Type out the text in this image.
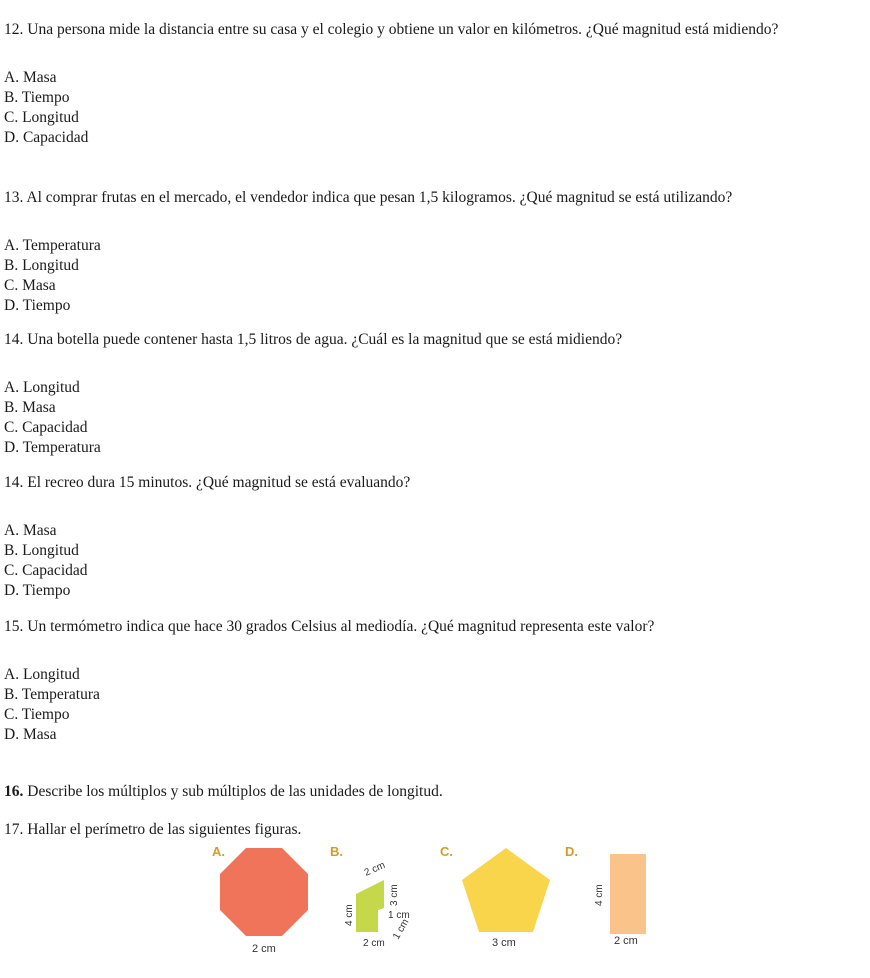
12. Una persona mide la distancia entre su casa y el colegio y obtiene un valor en kilómetros. ¿Qué magnitud está midiendo?
A. Masa
B. Tiempo
C. Longitud
D. Capacidad
13. Al comprar frutas en el mercado, el vendedor indica que pesan 1,5 kilogramos. ¿Qué magnitud se está utilizando?
A. Temperatura
B. Longitud
C. Masa
D. Tiempo
14. Una botella puede contener hasta 1,5 litros de agua. ¿Cuál es la magnitud que se está midiendo?
A. Longitud
B. Masa
C. Capacidad
D. Temperatura
14. El recreo dura 15 minutos. ¿Qué magnitud se está evaluando?
A. Masa
B. Longitud
C. Capacidad
D. Tiempo
15. Un termómetro indica que hace 30 grados Celsius al mediodía. ¿Qué magnitud representa este valor?
A. Longitud
B. Temperatura
C. Tiempo
D. Masa
16. Describe los múltiplos y sub múltiplos de las unidades de longitud.
17. Hallar el perímetro de las siguientes figuras.
A.
2 cm
B.
2 cm
3 cm
1 cm
4 cm
2 cm
1 cm
C.
3 cm
D.
4 cm
2 cm
